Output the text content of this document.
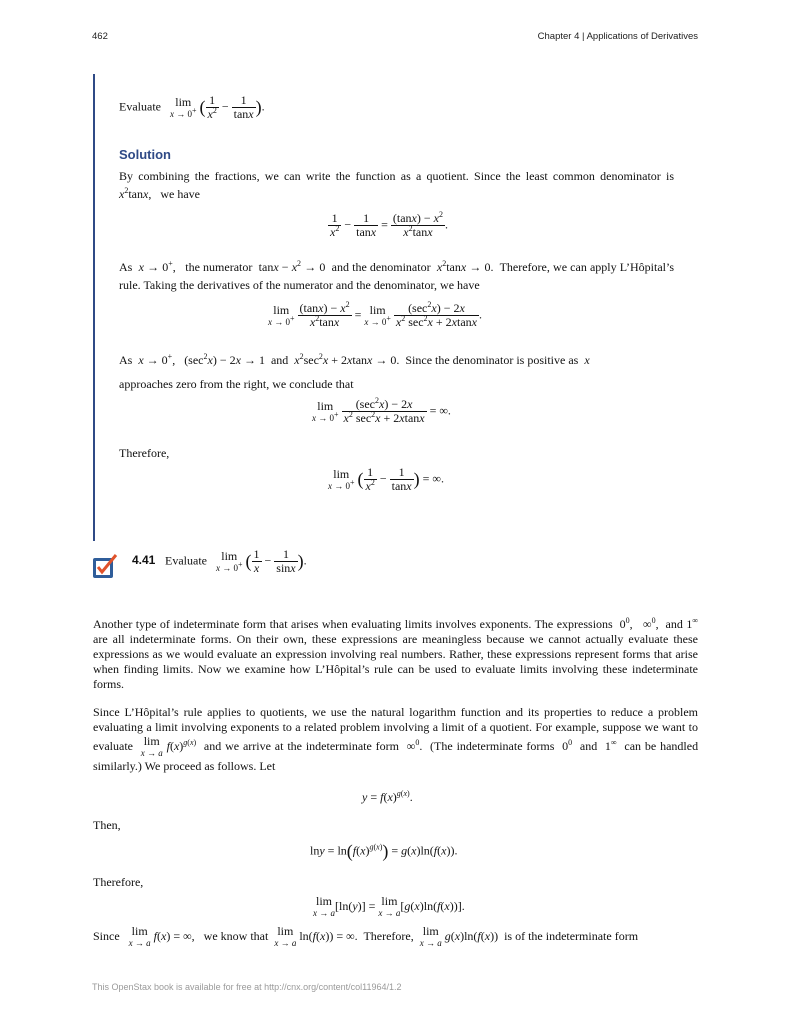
462	Chapter 4 | Applications of Derivatives
Evaluate lim
x → 0+ ( $\frac{1}{x^2} - \frac{1}{\tan x}$ ).
Solution
By combining the fractions, we can write the function as a quotient. Since the least common denominator is $x^2\tan x$,   we have
$\frac{1}{x^2} - \frac{1}{\tan x} = \frac{(\tan x) - x^2}{x^2\tan x}$ .
As x → 0+,   the numerator  $\tan x - x^2 \to 0$  and the denominator $x^2\tan x \to 0$.  Therefore, we can apply L’Hôpital’s rule. Taking the derivatives of the numerator and the denominator, we have
lim
x → 0+
$\frac{(\tan x) - x^2}{x^2\tan x} = \lim$
x → 0+
$\frac{(\sec^2x) - 2x}{x^2 \sec^2x + 2xtanx}$ .
As x → 0+,   $(\sec^2x) - 2x \to 1$  and $x^2\sec^2x + 2xtanx \to 0$.  Since the denominator is positive as x
approaches zero from the right, we conclude that
lim
x → 0+
$\frac{(\sec^2x) - 2x}{x^2 \sec^2x + 2xtanx}$ = ∞.
Therefore,
lim
x → 0+ ( $\frac{1}{x^2} - \frac{1}{\tan x}$ ) = ∞.
4.41 Evaluate lim
x → 0+ ( $\frac{1}{x} - \frac{1}{\sin x}$ ).
Another type of indeterminate form that arises when evaluating limits involves exponents. The expressions  $0^0$,   ∞$^0$,  and 1∞ are all indeterminate forms. On their own, these expressions are meaningless because we cannot actually evaluate these expressions as we would evaluate an expression involving real numbers. Rather, these expressions represent forms that arise when finding limits. Now we examine how L’Hôpital’s rule can be used to evaluate limits involving these indeterminate forms.
Since L’Hôpital’s rule applies to quotients, we use the natural logarithm function and its properties to reduce a problem evaluating a limit involving exponents to a related problem involving a limit of a quotient. For example, suppose we want to evaluate lim
x → a
$f(x)^{g(x)}$ and we arrive at the indeterminate form  ∞$^0$.  (The indeterminate forms  $0^0$ and  1∞ can be handled similarly.) We proceed as follows. Let
$y = f(x)^{g(x)}$.
Then,
$\ln y = \ln(f(x)^{g(x)}) = g(x)\ln(f(x))$.
Therefore,
lim
x → a
[ln(y)] = lim
x → a
[g(x)ln(f(x))].
Since lim
x → a
f(x) = ∞,   we know that lim
x → a
ln(f(x)) = ∞.  Therefore, lim
x → a
g(x)ln(f(x))  is of the indeterminate form
This OpenStax book is available for free at http://cnx.org/content/col11964/1.2
